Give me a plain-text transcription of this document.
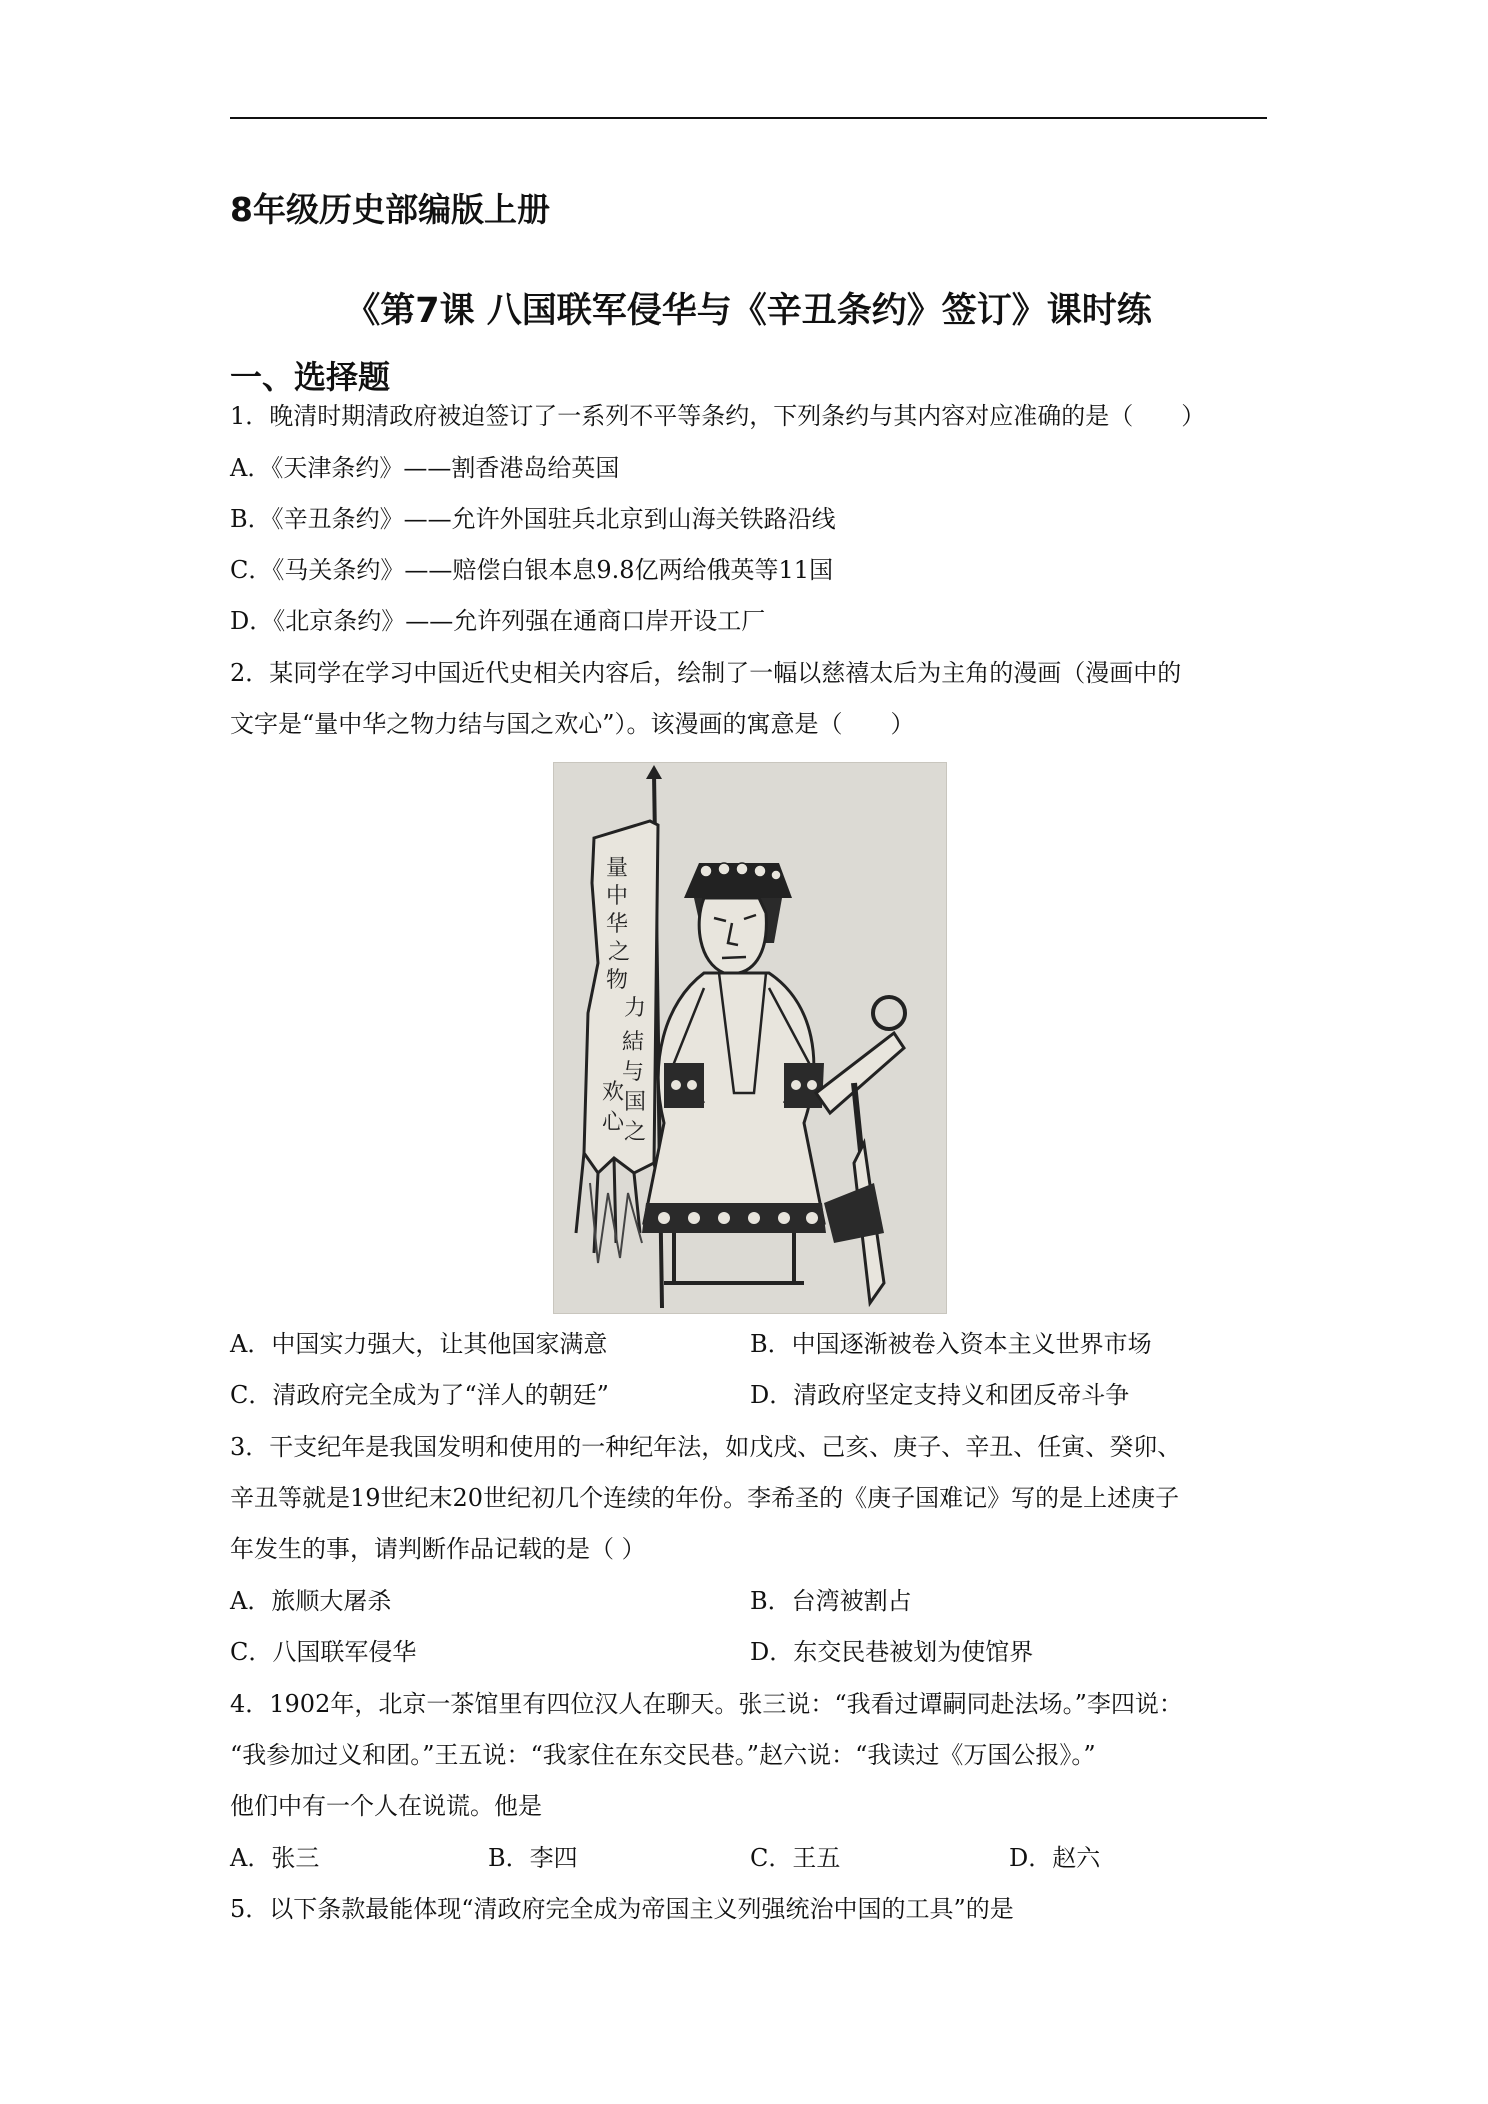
8年级历史部编版上册
《第7课 八国联军侵华与《辛丑条约》签订》课时练
一、选择题
1．晚清时期清政府被迫签订了一系列不平等条约，下列条约与其内容对应准确的是（　　）
A．《天津条约》——割香港岛给英国
B．《辛丑条约》——允许外国驻兵北京到山海关铁路沿线
C．《马关条约》——赔偿白银本息9.8亿两给俄英等11国
D．《北京条约》——允许列强在通商口岸开设工厂
2．某同学在学习中国近代史相关内容后，绘制了一幅以慈禧太后为主角的漫画（漫画中的
文字是“量中华之物力结与国之欢心”）。该漫画的寓意是（　　）
量
中
华
之
物
力
結
与
国
之
欢
心
A．中国实力强大，让其他国家满意	B．中国逐渐被卷入资本主义世界市场
C．清政府完全成为了“洋人的朝廷”	D．清政府坚定支持义和团反帝斗争
3．干支纪年是我国发明和使用的一种纪年法，如戊戌、己亥、庚子、辛丑、任寅、癸卯、
辛丑等就是19世纪末20世纪初几个连续的年份。李希圣的《庚子国难记》写的是上述庚子
年发生的事，请判断作品记载的是（ ）
A．旅顺大屠杀	B．台湾被割占
C．八国联军侵华	D．东交民巷被划为使馆界
4．1902年，北京一茶馆里有四位汉人在聊天。张三说：“我看过谭嗣同赴法场。”李四说：
“我参加过义和团。”王五说：“我家住在东交民巷。”赵六说：“我读过《万国公报》。”
他们中有一个人在说谎。他是
A．张三	B．李四	C．王五	D．赵六
5．以下条款最能体现“清政府完全成为帝国主义列强统治中国的工具”的是
